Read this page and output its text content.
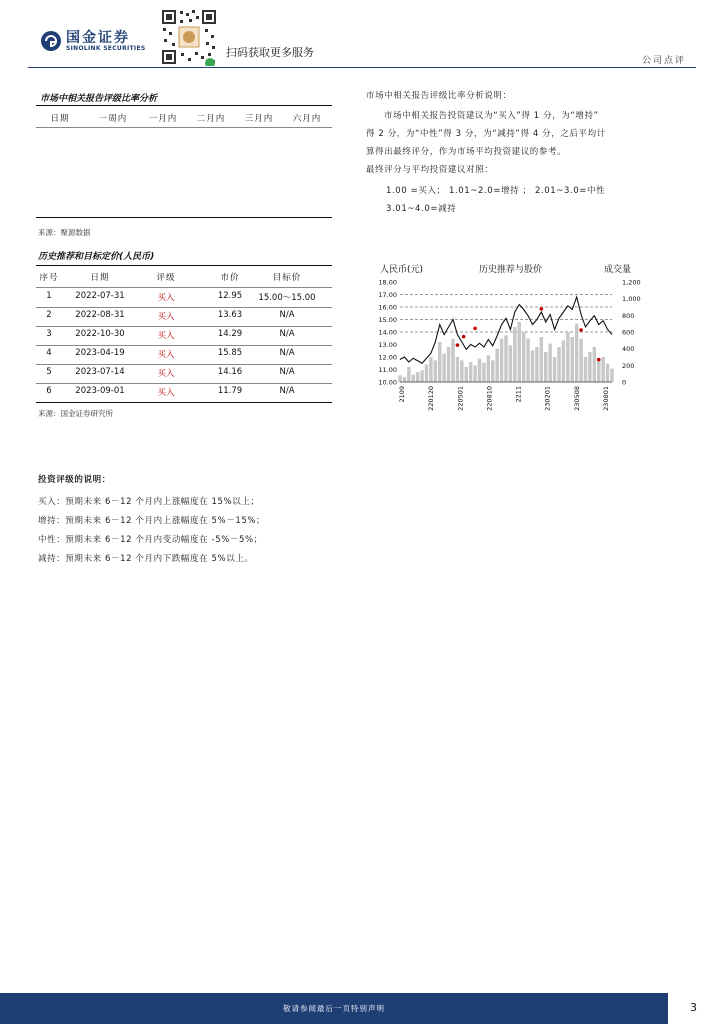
国金证券
SINOLINK SECURITIES	扫码获取更多服务
公司点评
市场中相关报告评级比率分析
日期	一周内	一月内	二月内	三月内	六月内
来源：聚源数据
市场中相关报告评级比率分析说明：
市场中相关报告投资建议为“买入”得 1 分，为“增持”
得 2 分，为“中性”得 3 分，为“减持”得 4 分，之后平均计
算得出最终评分，作为市场平均投资建议的参考。
最终评分与平均投资建议对照：
1.00 =买入； 1.01~2.0=增持 ； 2.01~3.0=中性
3.01~4.0=减持
历史推荐和目标定价(人民币)
序号	日期	评级	市价	目标价
1	2022-07-31	买入	12.95	15.00～15.00
2	2022-08-31	买入	13.63	N/A
3	2022-10-30	买入	14.29	N/A
4	2023-04-19	买入	15.85	N/A
5	2023-07-14	买入	14.16	N/A
6	2023-09-01	买入	11.79	N/A
来源：国金证券研究所
人民币(元)	历史推荐与股价	成交量
18.00
17.00
16.00
15.00
14.00
13.00
12.00
11.00
10.00
1,200
1,000
800
600
400
200
0
2109	220120	220501	220810	2211	230201	230508	230801
投资评级的说明：
买入：预期未来 6－12 个月内上涨幅度在 15%以上；
增持：预期未来 6－12 个月内上涨幅度在 5%－15%；
中性：预期未来 6－12 个月内变动幅度在 -5%－5%；
减持：预期未来 6－12 个月内下跌幅度在 5%以上。
敬请参阅最后一页特别声明	3
